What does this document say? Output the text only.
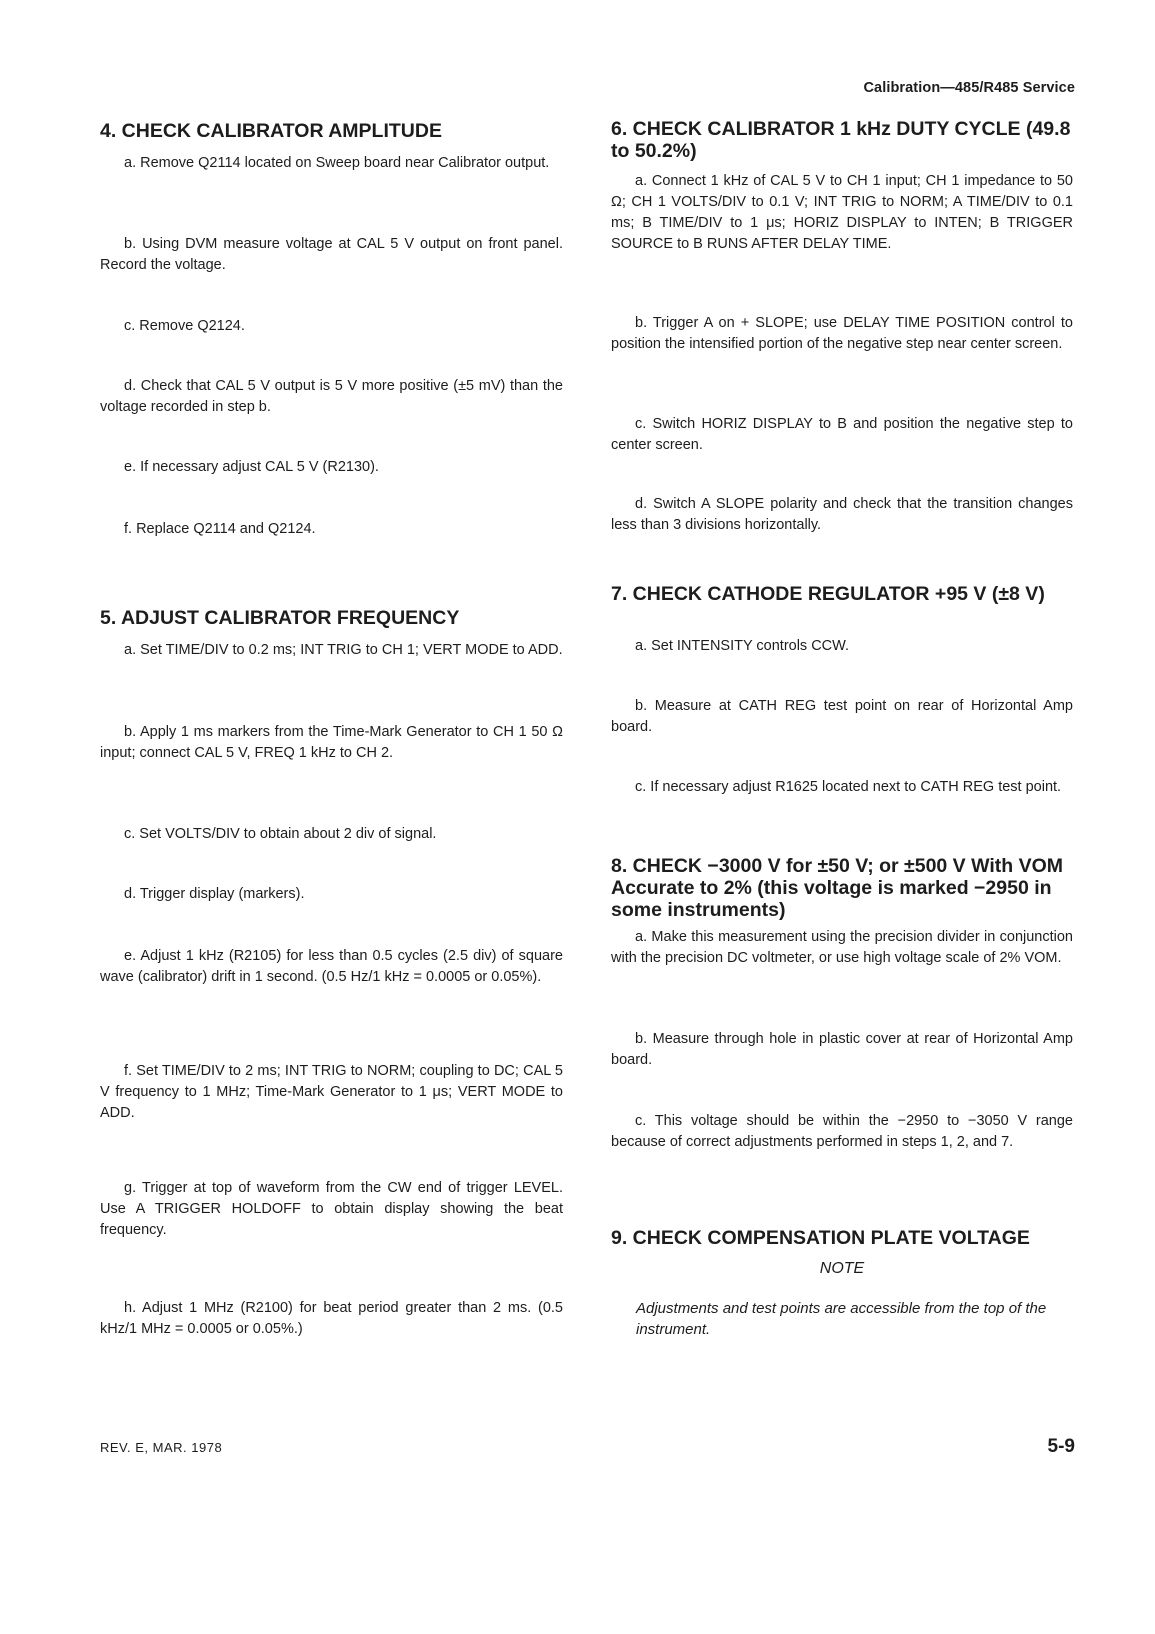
Calibration—485/R485 Service
4. CHECK CALIBRATOR AMPLITUDE
a. Remove Q2114 located on Sweep board near Calibrator output.
b. Using DVM measure voltage at CAL 5 V output on front panel. Record the voltage.
c. Remove Q2124.
d. Check that CAL 5 V output is 5 V more positive (±5 mV) than the voltage recorded in step b.
e. If necessary adjust CAL 5 V (R2130).
f. Replace Q2114 and Q2124.
5. ADJUST CALIBRATOR FREQUENCY
a. Set TIME/DIV to 0.2 ms; INT TRIG to CH 1; VERT MODE to ADD.
b. Apply 1 ms markers from the Time-Mark Generator to CH 1 50 Ω input; connect CAL 5 V, FREQ 1 kHz to CH 2.
c. Set VOLTS/DIV to obtain about 2 div of signal.
d. Trigger display (markers).
e. Adjust 1 kHz (R2105) for less than 0.5 cycles (2.5 div) of square wave (calibrator) drift in 1 second. (0.5 Hz/1 kHz = 0.0005 or 0.05%).
f. Set TIME/DIV to 2 ms; INT TRIG to NORM; coupling to DC; CAL 5 V frequency to 1 MHz; Time-Mark Generator to 1 μs; VERT MODE to ADD.
g. Trigger at top of waveform from the CW end of trigger LEVEL. Use A TRIGGER HOLDOFF to obtain display showing the beat frequency.
h. Adjust 1 MHz (R2100) for beat period greater than 2 ms. (0.5 kHz/1 MHz = 0.0005 or 0.05%.)
6. CHECK CALIBRATOR 1 kHz DUTY CYCLE (49.8 to 50.2%)
a. Connect 1 kHz of CAL 5 V to CH 1 input; CH 1 impedance to 50 Ω; CH 1 VOLTS/DIV to 0.1 V; INT TRIG to NORM; A TIME/DIV to 0.1 ms; B TIME/DIV to 1 μs; HORIZ DISPLAY to INTEN; B TRIGGER SOURCE to B RUNS AFTER DELAY TIME.
b. Trigger A on + SLOPE; use DELAY TIME POSITION control to position the intensified portion of the negative step near center screen.
c. Switch HORIZ DISPLAY to B and position the negative step to center screen.
d. Switch A SLOPE polarity and check that the transition changes less than 3 divisions horizontally.
7. CHECK CATHODE REGULATOR +95 V (±8 V)
a. Set INTENSITY controls CCW.
b. Measure at CATH REG test point on rear of Horizontal Amp board.
c. If necessary adjust R1625 located next to CATH REG test point.
8. CHECK −3000 V for ±50 V; or ±500 V With VOM Accurate to 2% (this voltage is marked −2950 in some instruments)
a. Make this measurement using the precision divider in conjunction with the precision DC voltmeter, or use high voltage scale of 2% VOM.
b. Measure through hole in plastic cover at rear of Horizontal Amp board.
c. This voltage should be within the −2950 to −3050 V range because of correct adjustments performed in steps 1, 2, and 7.
9. CHECK COMPENSATION PLATE VOLTAGE
NOTE
Adjustments and test points are accessible from the top of the instrument.
REV. E, MAR. 1978	5-9
